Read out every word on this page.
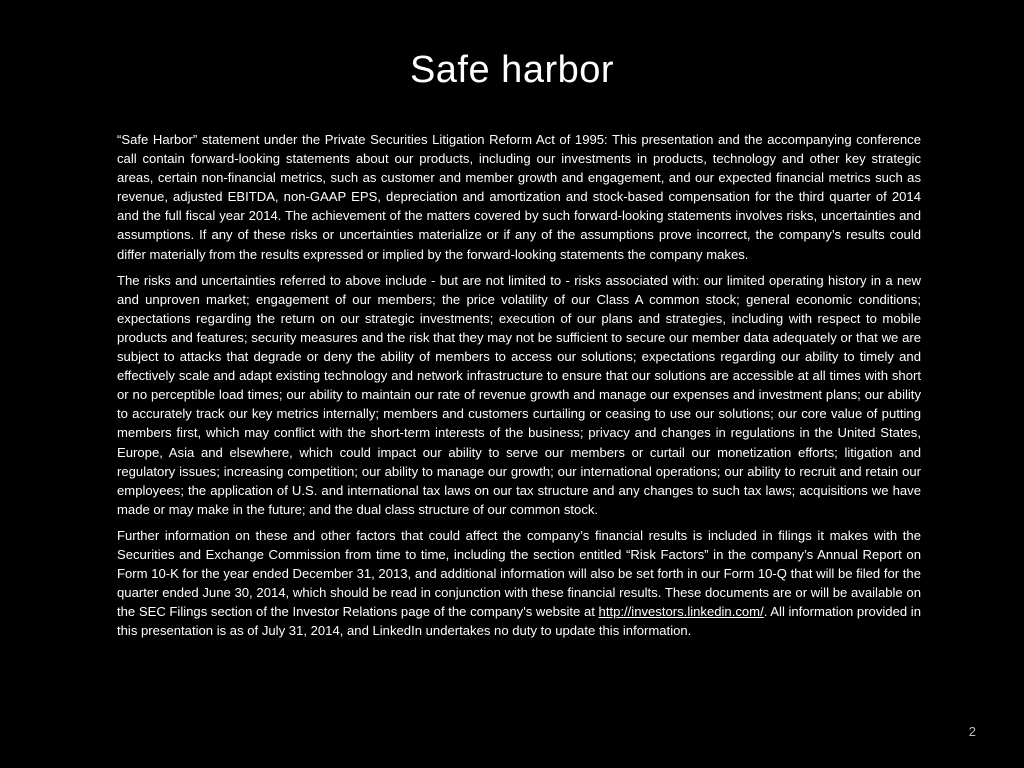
Safe harbor

“Safe Harbor” statement under the Private Securities Litigation Reform Act of 1995: This presentation and the accompanying conference call contain forward-looking statements about our products, including our investments in products, technology and other key strategic areas, certain non-financial metrics, such as customer and member growth and engagement, and our expected financial metrics such as revenue, adjusted EBITDA, non-GAAP EPS, depreciation and amortization and stock-based compensation for the third quarter of 2014 and the full fiscal year 2014. The achievement of the matters covered by such forward-looking statements involves risks, uncertainties and assumptions. If any of these risks or uncertainties materialize or if any of the assumptions prove incorrect, the company’s results could differ materially from the results expressed or implied by the forward-looking statements the company makes.

The risks and uncertainties referred to above include - but are not limited to - risks associated with: our limited operating history in a new and unproven market; engagement of our members; the price volatility of our Class A common stock; general economic conditions; expectations regarding the return on our strategic investments; execution of our plans and strategies, including with respect to mobile products and features; security measures and the risk that they may not be sufficient to secure our member data adequately or that we are subject to attacks that degrade or deny the ability of members to access our solutions; expectations regarding our ability to timely and effectively scale and adapt existing technology and network infrastructure to ensure that our solutions are accessible at all times with short or no perceptible load times; our ability to maintain our rate of revenue growth and manage our expenses and investment plans; our ability to accurately track our key metrics internally; members and customers curtailing or ceasing to use our solutions; our core value of putting members first, which may conflict with the short-term interests of the business; privacy and changes in regulations in the United States, Europe, Asia and elsewhere, which could impact our ability to serve our members or curtail our monetization efforts; litigation and regulatory issues; increasing competition; our ability to manage our growth; our international operations; our ability to recruit and retain our employees; the application of U.S. and international tax laws on our tax structure and any changes to such tax laws; acquisitions we have made or may make in the future; and the dual class structure of our common stock.

Further information on these and other factors that could affect the company’s financial results is included in filings it makes with the Securities and Exchange Commission from time to time, including the section entitled “Risk Factors” in the company’s Annual Report on Form 10-K for the year ended December 31, 2013, and additional information will also be set forth in our Form 10-Q that will be filed for the quarter ended June 30, 2014, which should be read in conjunction with these financial results. These documents are or will be available on the SEC Filings section of the Investor Relations page of the company's website at http://investors.linkedin.com/. All information provided in this presentation is as of July 31, 2014, and LinkedIn undertakes no duty to update this information.

2
